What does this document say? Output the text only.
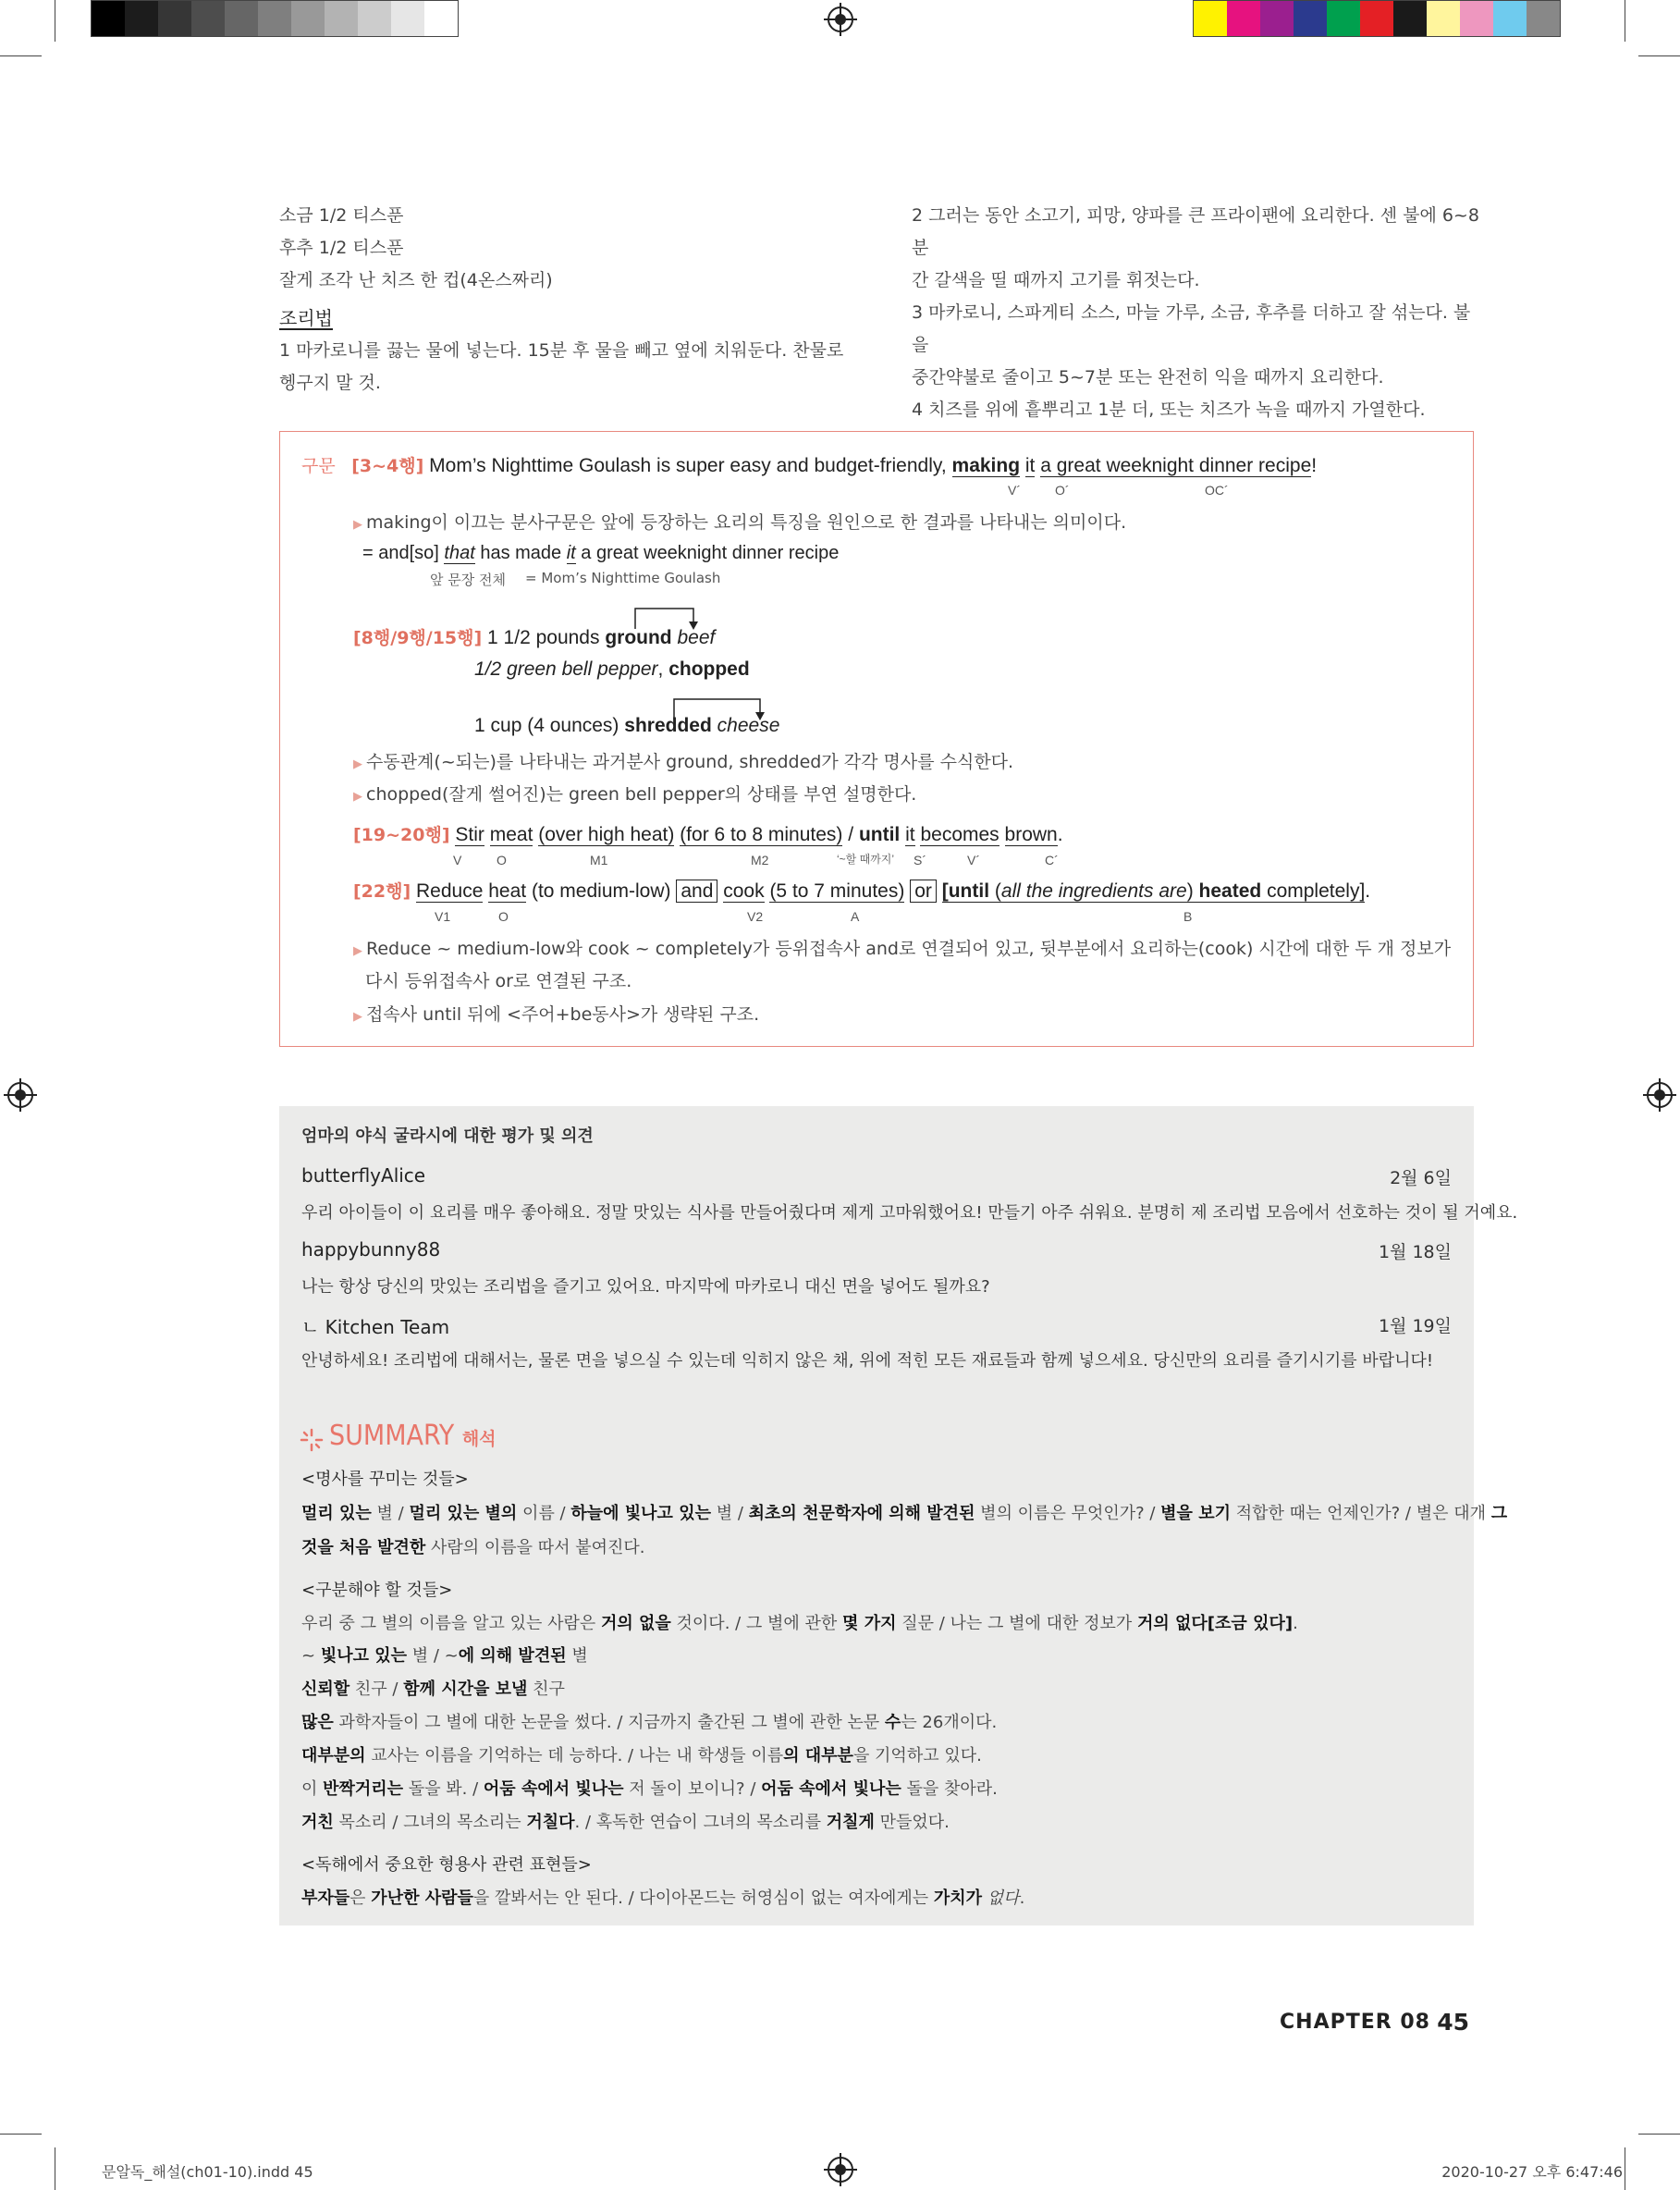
소금 1/2 티스푼

후추 1/2 티스푼

잘게 조각 난 치즈 한 컵(4온스짜리)

조리법

1 마카로니를 끓는 물에 넣는다. 15분 후 물을 빼고 옆에 치워둔다. 찬물로

헹구지 말 것.

2 그러는 동안 소고기, 피망, 양파를 큰 프라이팬에 요리한다. 센 불에 6~8분

간 갈색을 띨 때까지 고기를 휘젓는다.

3 마카로니, 스파게티 소스, 마늘 가루, 소금, 후추를 더하고 잘 섞는다. 불을

중간약불로 줄이고 5~7분 또는 완전히 익을 때까지 요리한다.

4 치즈를 위에 흩뿌리고 1분 더, 또는 치즈가 녹을 때까지 가열한다.

구문 [3~4행] Mom’s Nighttime Goulash is super easy and budget-friendly, making it a great weeknight dinner recipe!
V´	O´	OC´
▶ making이 이끄는 분사구문은 앞에 등장하는 요리의 특징을 원인으로 한 결과를 나타내는 의미이다.
= and[so] that has made it a great weeknight dinner recipe
앞 문장 전체 = Mom’s Nighttime Goulash
[8행/9행/15행] 1 1/2 pounds ground beef
1/2 green bell pepper, chopped
1 cup (4 ounces) shredded cheese
▶ 수동관계(~되는)를 나타내는 과거분사 ground, shredded가 각각 명사를 수식한다.
▶ chopped(잘게 썰어진)는 green bell pepper의 상태를 부연 설명한다.
[19~20행] Stir meat (over high heat) (for 6 to 8 minutes) / until it becomes brown.
V	O	M1	M2	‘~할 때까지’ S´	V´	C´
[22행] Reduce heat (to medium-low) and cook (5 to 7 minutes) or [until (all the ingredients are) heated completely].
V1	O	V2	A	B
▶ Reduce ~ medium-low와 cook ~ completely가 등위접속사 and로 연결되어 있고, 뒷부분에서 요리하는(cook) 시간에 대한 두 개 정보가
다시 등위접속사 or로 연결된 구조.
▶ 접속사 until 뒤에 <주어+be동사>가 생략된 구조.
엄마의 야식 굴라시에 대한 평가 및 의견
butterflyAlice	2월 6일
우리 아이들이 이 요리를 매우 좋아해요. 정말 맛있는 식사를 만들어줬다며 제게 고마워했어요! 만들기 아주 쉬워요. 분명히 제 조리법 모음에서 선호하는 것이 될 거예요.
happybunny88	1월 18일
나는 항상 당신의 맛있는 조리법을 즐기고 있어요. 마지막에 마카로니 대신 면을 넣어도 될까요?
ㄴ Kitchen Team	1월 19일
안녕하세요! 조리법에 대해서는, 물론 면을 넣으실 수 있는데 익히지 않은 채, 위에 적힌 모든 재료들과 함께 넣으세요. 당신만의 요리를 즐기시기를 바랍니다!
SUMMARY 해석
<명사를 꾸미는 것들>
멀리 있는 별 / 멀리 있는 별의 이름 / 하늘에 빛나고 있는 별 / 최초의 천문학자에 의해 발견된 별의 이름은 무엇인가? / 별을 보기 적합한 때는 언제인가? / 별은 대개 그
것을 처음 발견한 사람의 이름을 따서 붙여진다.
<구분해야 할 것들>
우리 중 그 별의 이름을 알고 있는 사람은 거의 없을 것이다. / 그 별에 관한 몇 가지 질문 / 나는 그 별에 대한 정보가 거의 없다[조금 있다].
~ 빛나고 있는 별 / ~에 의해 발견된 별
신뢰할 친구 / 함께 시간을 보낼 친구
많은 과학자들이 그 별에 대한 논문을 썼다. / 지금까지 출간된 그 별에 관한 논문 수는 26개이다.
대부분의 교사는 이름을 기억하는 데 능하다. / 나는 내 학생들 이름의 대부분을 기억하고 있다.
이 반짝거리는 돌을 봐. / 어둠 속에서 빛나는 저 돌이 보이니? / 어둠 속에서 빛나는 돌을 찾아라.
거친 목소리 / 그녀의 목소리는 거칠다. / 혹독한 연습이 그녀의 목소리를 거칠게 만들었다.
<독해에서 중요한 형용사 관련 표현들>
부자들은 가난한 사람들을 깔봐서는 안 된다. / 다이아몬드는 허영심이 없는 여자에게는 가치가 없다.
CHAPTER 08 45
문알독_해설(ch01-10).indd 45	2020-10-27 오후 6:47:46
